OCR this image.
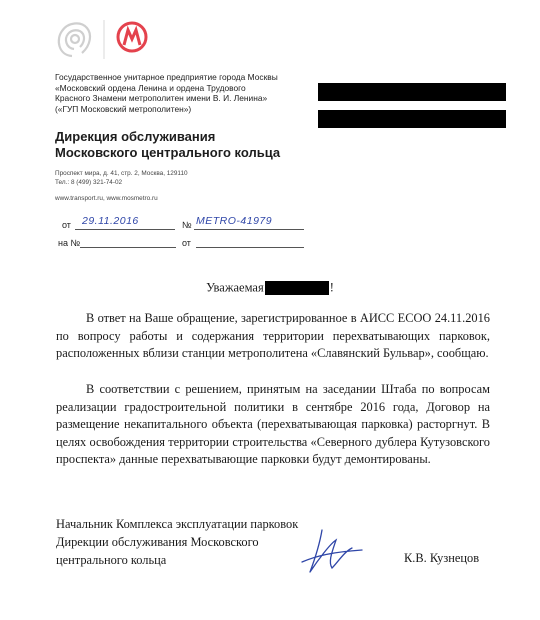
Государственное унитарное предприятие города Москвы
«Московский ордена Ленина и ордена Трудового
Красного Знамени метрополитен имени В. И. Ленина»
(«ГУП Московский метрополитен»)
Дирекция обслуживания
Московского центрального кольца
Проспект мира, д. 41, стр. 2, Москва, 129110
Тел.: 8 (499) 321-74-02
www.transport.ru, www.mosmetro.ru
от 29.11.2016	№ METRO-41979
на №	от
Уважаемая	!
В ответ на Ваше обращение, зарегистрированное в АИСС ЕСОО 24.11.2016 по вопросу работы и содержания территории перехватывающих парковок, расположенных вблизи станции метрополитена «Славянский Бульвар», сообщаю.
В соответствии с решением, принятым на заседании Штаба по вопросам реализации градостроительной политики в сентябре 2016 года, Договор на размещение некапитального объекта (перехватывающая парковка) расторгнут. В целях освобождения территории строительства «Северного дублера Кутузовского проспекта» данные перехватывающие парковки будут демонтированы.
Начальник Комплекса эксплуатации парковок
Дирекции обслуживания Московского
центрального кольца	К.В. Кузнецов
